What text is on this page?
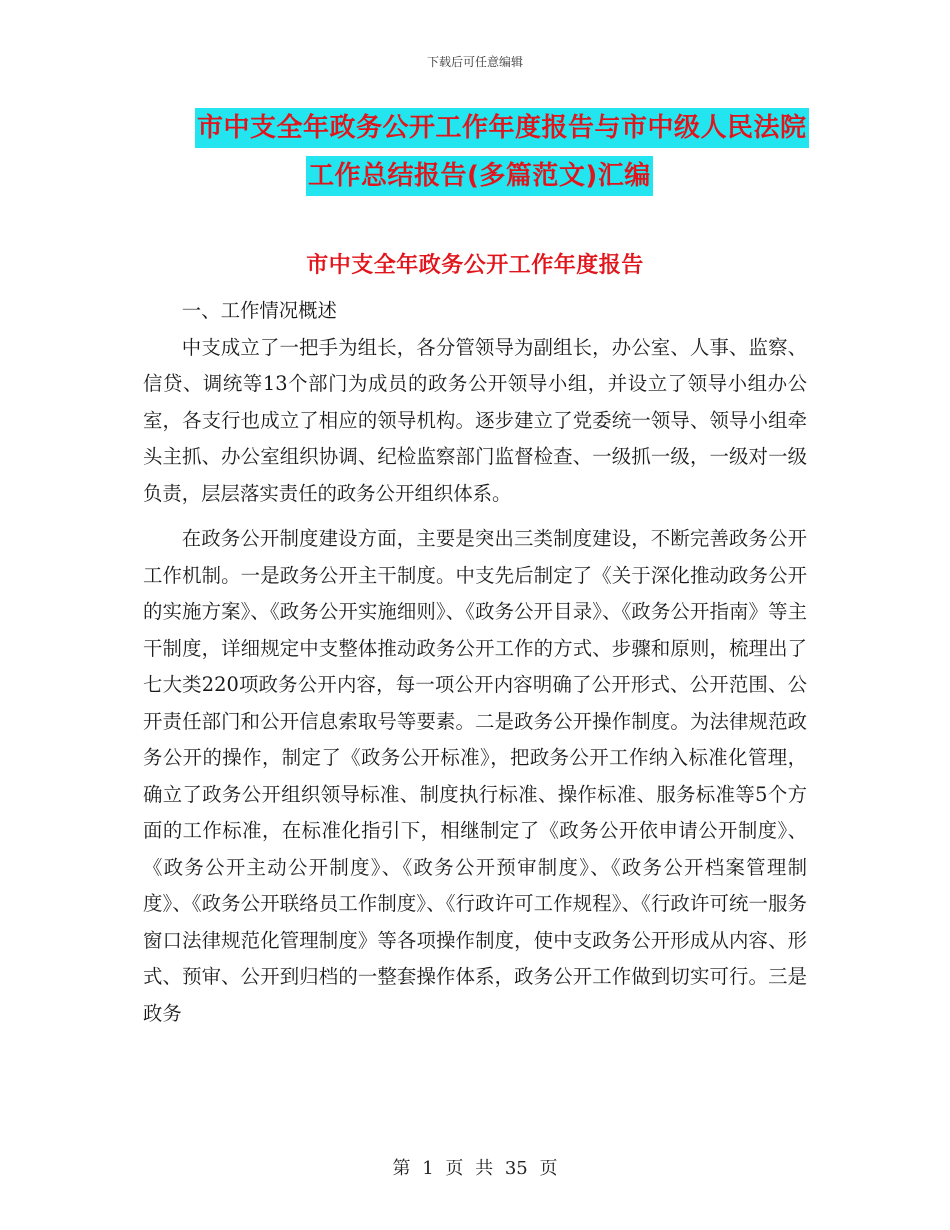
下载后可任意编辑
市中支全年政务公开工作年度报告与市中级人民法院
工作总结报告(多篇范文)汇编
市中支全年政务公开工作年度报告

一、工作情况概述

中支成立了一把手为组长，各分管领导为副组长，办公室、人事、监察、信贷、调统等13个部门为成员的政务公开领导小组，并设立了领导小组办公室，各支行也成立了相应的领导机构。逐步建立了党委统一领导、领导小组牵头主抓、办公室组织协调、纪检监察部门监督检查、一级抓一级，一级对一级负责，层层落实责任的政务公开组织体系。

在政务公开制度建设方面，主要是突出三类制度建设，不断完善政务公开工作机制。一是政务公开主干制度。中支先后制定了《关于深化推动政务公开的实施方案》、《政务公开实施细则》、《政务公开目录》、《政务公开指南》等主干制度，详细规定中支整体推动政务公开工作的方式、步骤和原则，梳理出了七大类220项政务公开内容，每一项公开内容明确了公开形式、公开范围、公开责任部门和公开信息索取号等要素。二是政务公开操作制度。为法律规范政务公开的操作，制定了《政务公开标准》，把政务公开工作纳入标准化管理，确立了政务公开组织领导标准、制度执行标准、操作标准、服务标准等5个方面的工作标准，在标准化指引下，相继制定了《政务公开依申请公开制度》、《政务公开主动公开制度》、《政务公开预审制度》、《政务公开档案管理制度》、《政务公开联络员工作制度》、《行政许可工作规程》、《行政许可统一服务窗口法律规范化管理制度》等各项操作制度，使中支政务公开形成从内容、形式、预审、公开到归档的一整套操作体系，政务公开工作做到切实可行。三是政务

第 1 页 共 35 页
